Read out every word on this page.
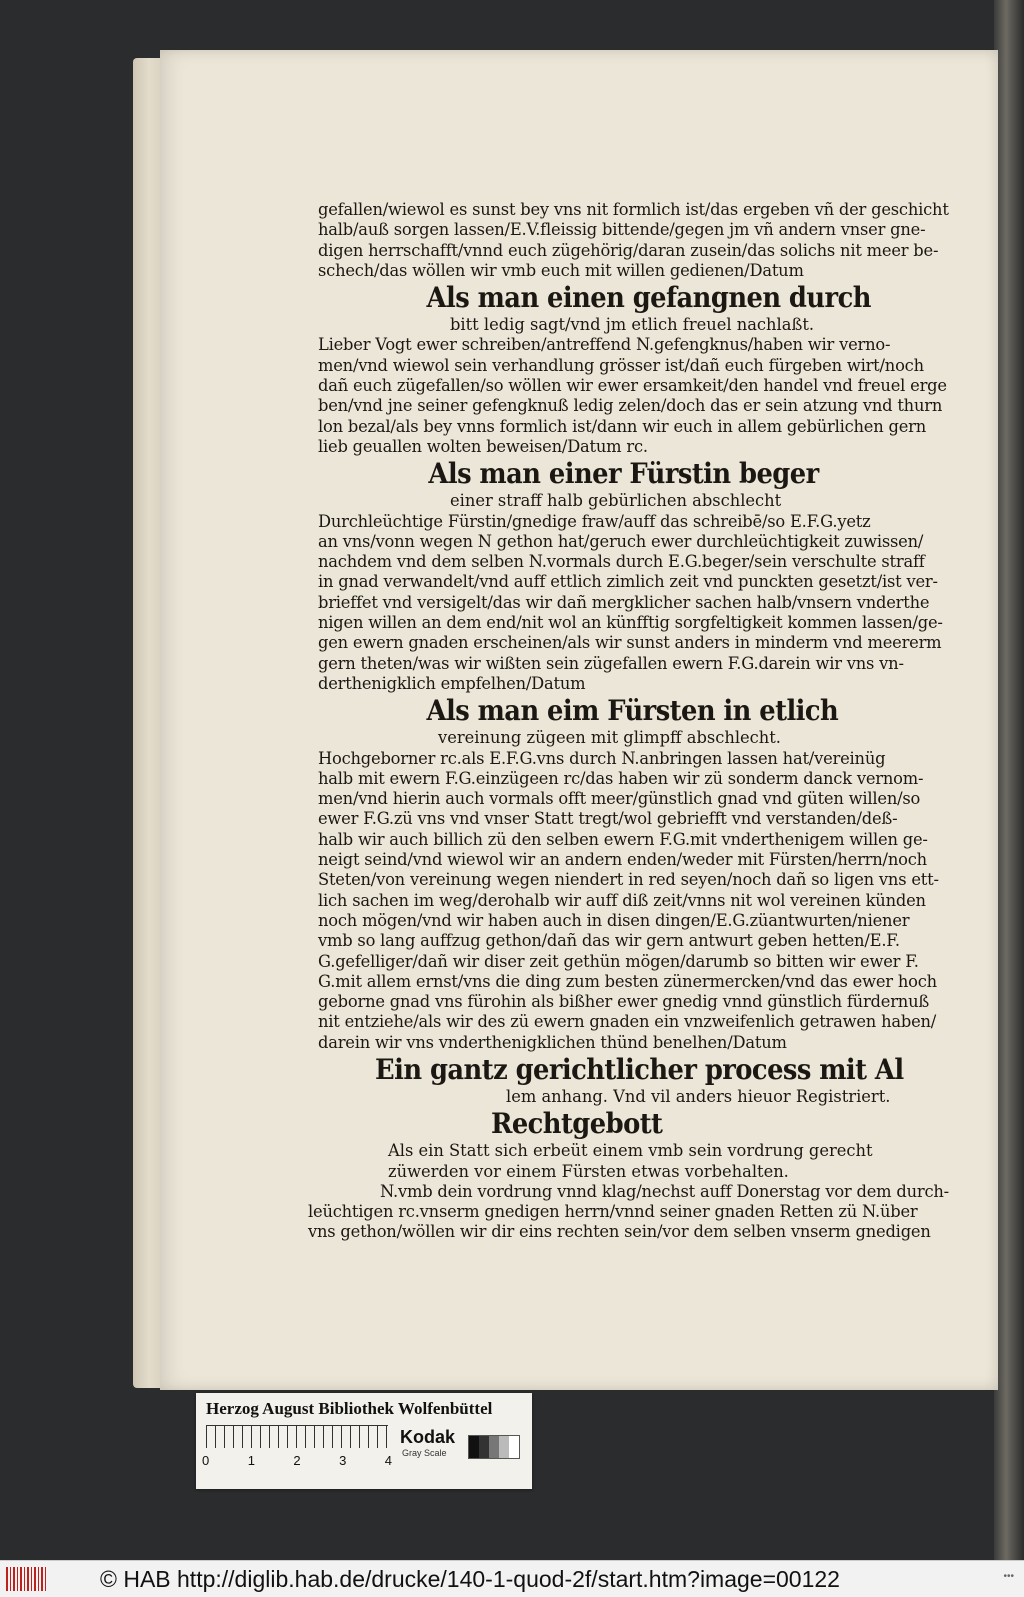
gefallen/wiewol es sunst bey vns nit formlich ist/das ergeben vñ der geschicht
halb/auß sorgen lassen/E.V.fleissig bittende/gegen jm vñ andern vnser gne-
digen herrschafft/vnnd euch zügehörig/daran zusein/das solichs nit meer be-
schech/das wöllen wir vmb euch mit willen gedienen/Datum
Als man einen gefangnen durch
bitt ledig sagt/vnd jm etlich freuel nachlaßt.
Lieber Vogt ewer schreiben/antreffend N.gefengknus/haben wir verno-
men/vnd wiewol sein verhandlung grösser ist/dañ euch fürgeben wirt/noch
dañ euch zügefallen/so wöllen wir ewer ersamkeit/den handel vnd freuel erge
ben/vnd jne seiner gefengknuß ledig zelen/doch das er sein atzung vnd thurn
lon bezal/als bey vnns formlich ist/dann wir euch in allem gebürlichen gern
lieb geuallen wolten beweisen/Datum rc.
Als man einer Fürstin beger
einer straff halb gebürlichen abschlecht
Durchleüchtige Fürstin/gnedige fraw/auff das schreibē/so E.F.G.yetz
an vns/vonn wegen N gethon hat/geruch ewer durchleüchtigkeit zuwissen/
nachdem vnd dem selben N.vormals durch E.G.beger/sein verschulte straff
in gnad verwandelt/vnd auff ettlich zimlich zeit vnd punckten gesetzt/ist ver-
brieffet vnd versigelt/das wir dañ mergklicher sachen halb/vnsern vnderthe
nigen willen an dem end/nit wol an künfftig sorgfeltigkeit kommen lassen/ge-
gen ewern gnaden erscheinen/als wir sunst anders in minderm vnd meererm
gern theten/was wir wißten sein zügefallen ewern F.G.darein wir vns vn-
derthenigklich empfelhen/Datum
Als man eim Fürsten in etlich
vereinung zügeen mit glimpff abschlecht.
Hochgeborner rc.als E.F.G.vns durch N.anbringen lassen hat/vereinüg
halb mit ewern F.G.einzügeen rc/das haben wir zü sonderm danck vernom-
men/vnd hierin auch vormals offt meer/günstlich gnad vnd güten willen/so
ewer F.G.zü vns vnd vnser Statt tregt/wol gebriefft vnd verstanden/deß-
halb wir auch billich zü den selben ewern F.G.mit vnderthenigem willen ge-
neigt seind/vnd wiewol wir an andern enden/weder mit Fürsten/herrn/noch
Steten/von vereinung wegen niendert in red seyen/noch dañ so ligen vns ett-
lich sachen im weg/derohalb wir auff diß zeit/vnns nit wol vereinen künden
noch mögen/vnd wir haben auch in disen dingen/E.G.züantwurten/niener
vmb so lang auffzug gethon/dañ das wir gern antwurt geben hetten/E.F.
G.gefelliger/dañ wir diser zeit gethün mögen/darumb so bitten wir ewer F.
G.mit allem ernst/vns die ding zum besten zünermercken/vnd das ewer hoch
geborne gnad vns fürohin als bißher ewer gnedig vnnd günstlich fürdernuß
nit entziehe/als wir des zü ewern gnaden ein vnzweifenlich getrawen haben/
darein wir vns vnderthenigklichen thünd benelhen/Datum
Ein gantz gerichtlicher process mit Al
lem anhang. Vnd vil anders hieuor Registriert.
Rechtgebott
Als ein Statt sich erbeüt einem vmb sein vordrung gerecht
züwerden vor einem Fürsten etwas vorbehalten.
N.vmb dein vordrung vnnd klag/nechst auff Donerstag vor dem durch-
leüchtigen rc.vnserm gnedigen herrn/vnnd seiner gnaden Retten zü N.über
vns gethon/wöllen wir dir eins rechten sein/vor dem selben vnserm gnedigen
Herzog August Bibliothek Wolfenbüttel
0	1	2	3	4
Kodak
Gray Scale
© HAB http://diglib.hab.de/drucke/140-1-quod-2f/start.htm?image=00122	•••
